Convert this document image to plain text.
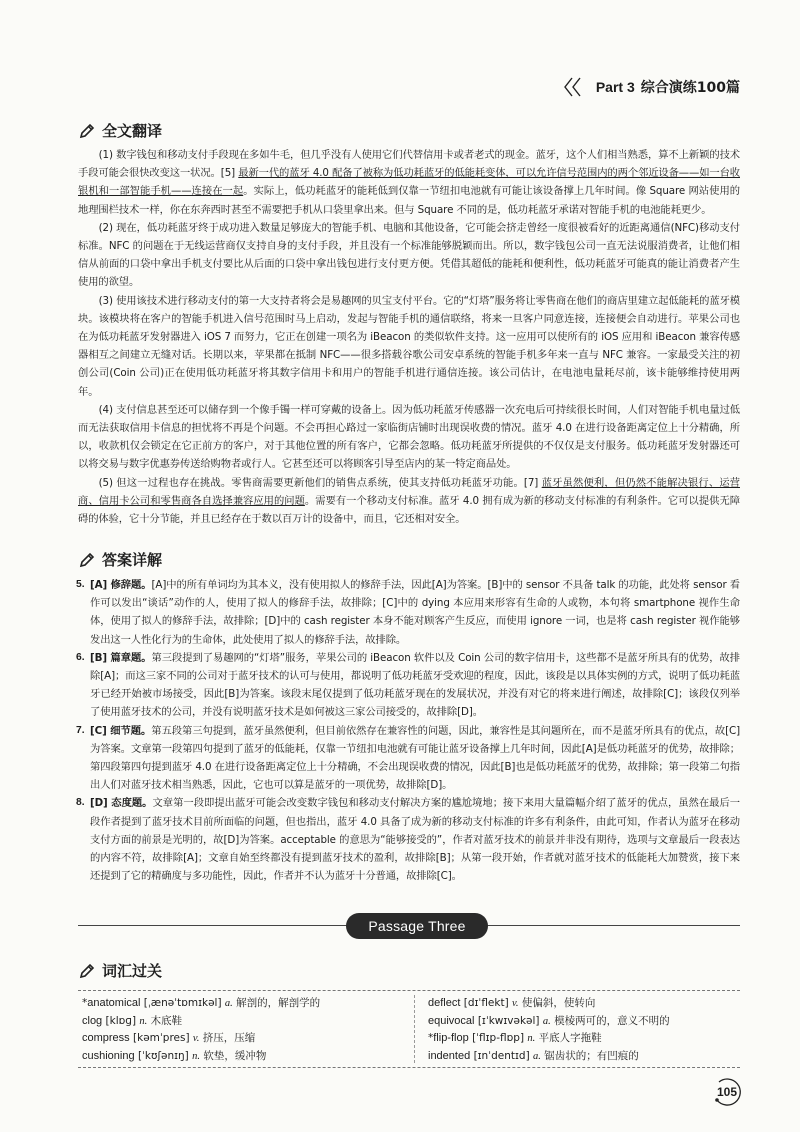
Part 3 综合演练100篇
全文翻译

(1) 数字钱包和移动支付手段现在多如牛毛，但几乎没有人使用它们代替信用卡或者老式的现金。蓝牙，这个人们相当熟悉，算不上新颖的技术手段可能会很快改变这一状况。[5] 最新一代的蓝牙 4.0 配备了被称为低功耗蓝牙的低能耗变体，可以允许信号范围内的两个邻近设备——如一台收银机和一部智能手机——连接在一起。实际上，低功耗蓝牙的能耗低到仅靠一节纽扣电池就有可能让该设备撑上几年时间。像 Square 网站使用的地理围栏技术一样，你在东奔西时甚至不需要把手机从口袋里拿出来。但与 Square 不同的是，低功耗蓝牙承诺对智能手机的电池能耗更少。

(2) 现在，低功耗蓝牙终于成功进入数量足够庞大的智能手机、电脑和其他设备，它可能会挤走曾经一度很被看好的近距离通信(NFC)移动支付标准。NFC 的问题在于无线运营商仅支持自身的支付手段，并且没有一个标准能够脱颖而出。所以，数字钱包公司一直无法说服消费者，让他们相信从前面的口袋中拿出手机支付要比从后面的口袋中拿出钱包进行支付更方便。凭借其超低的能耗和便利性，低功耗蓝牙可能真的能让消费者产生使用的欲望。

(3) 使用该技术进行移动支付的第一大支持者将会是易趣网的贝宝支付平台。它的“灯塔”服务将让零售商在他们的商店里建立起低能耗的蓝牙模块。该模块将在客户的智能手机进入信号范围时马上启动，发起与智能手机的通信联络，将来一旦客户同意连接，连接便会自动进行。苹果公司也在为低功耗蓝牙发射器进入 iOS 7 而努力，它正在创建一项名为 iBeacon 的类似软件支持。这一应用可以使所有的 iOS 应用和 iBeacon 兼容传感器相互之间建立无缝对话。长期以来，苹果都在抵制 NFC——很多搭载谷歌公司安卓系统的智能手机多年来一直与 NFC 兼容。一家最受关注的初创公司(Coin 公司)正在使用低功耗蓝牙将其数字信用卡和用户的智能手机进行通信连接。该公司估计，在电池电量耗尽前，该卡能够维持使用两年。

(4) 支付信息甚至还可以储存到一个像手镯一样可穿戴的设备上。因为低功耗蓝牙传感器一次充电后可持续很长时间，人们对智能手机电量过低而无法获取信用卡信息的担忧将不再是个问题。不会再担心路过一家临街店铺时出现误收费的情况。蓝牙 4.0 在进行设备距离定位上十分精确，所以，收款机仅会锁定在它正前方的客户，对于其他位置的所有客户，它都会忽略。低功耗蓝牙所提供的不仅仅是支付服务。低功耗蓝牙发射器还可以将交易与数字优惠券传送给购物者或行人。它甚至还可以将顾客引导至店内的某一特定商品处。

(5) 但这一过程也存在挑战。零售商需要更新他们的销售点系统，使其支持低功耗蓝牙功能。[7] 蓝牙虽然便利，但仍然不能解决银行、运营商、信用卡公司和零售商各自选择兼容应用的问题。需要有一个移动支付标准。蓝牙 4.0 拥有成为新的移动支付标准的有利条件。它可以提供无障碍的体验，它十分节能，并且已经存在于数以百万计的设备中，而且，它还相对安全。

答案详解
5. [A] 修辞题。[A]中的所有单词均为其本义，没有使用拟人的修辞手法，因此[A]为答案。[B]中的 sensor 不具备 talk 的功能，此处将 sensor 看作可以发出“谈话”动作的人，使用了拟人的修辞手法，故排除；[C]中的 dying 本应用来形容有生命的人或物，本句将 smartphone 视作生命体，使用了拟人的修辞手法，故排除；[D]中的 cash register 本身不能对顾客产生反应，而使用 ignore 一词，也是将 cash register 视作能够发出这一人性化行为的生命体，此处使用了拟人的修辞手法，故排除。
6. [B] 篇章题。第三段提到了易趣网的“灯塔”服务，苹果公司的 iBeacon 软件以及 Coin 公司的数字信用卡，这些都不是蓝牙所具有的优势，故排除[A]；而这三家不同的公司对于蓝牙技术的认可与使用，都说明了低功耗蓝牙受欢迎的程度，因此，该段是以具体实例的方式，说明了低功耗蓝牙已经开始被市场接受，因此[B]为答案。该段末尾仅提到了低功耗蓝牙现在的发展状况，并没有对它的将来进行阐述，故排除[C]；该段仅列举了使用蓝牙技术的公司，并没有说明蓝牙技术是如何被这三家公司接受的，故排除[D]。
7. [C] 细节题。第五段第三句提到，蓝牙虽然便利，但目前依然存在兼容性的问题，因此，兼容性是其问题所在，而不是蓝牙所具有的优点，故[C]为答案。文章第一段第四句提到了蓝牙的低能耗，仅靠一节纽扣电池就有可能让蓝牙设备撑上几年时间，因此[A]是低功耗蓝牙的优势，故排除；第四段第四句提到蓝牙 4.0 在进行设备距离定位上十分精确，不会出现误收费的情况，因此[B]也是低功耗蓝牙的优势，故排除；第一段第二句指出人们对蓝牙技术相当熟悉，因此，它也可以算是蓝牙的一项优势，故排除[D]。
8. [D] 态度题。文章第一段即提出蓝牙可能会改变数字钱包和移动支付解决方案的尴尬境地；接下来用大量篇幅介绍了蓝牙的优点，虽然在最后一段作者提到了蓝牙技术目前所面临的问题，但也指出，蓝牙 4.0 具备了成为新的移动支付标准的许多有利条件，由此可知，作者认为蓝牙在移动支付方面的前景是光明的，故[D]为答案。acceptable 的意思为“能够接受的”，作者对蓝牙技术的前景并非没有期待，选项与文章最后一段表达的内容不符，故排除[A]；文章自始至终都没有提到蓝牙技术的盈利，故排除[B]；从第一段开始，作者就对蓝牙技术的低能耗大加赞赏，接下来还提到了它的精确度与多功能性，因此，作者并不认为蓝牙十分普通，故排除[C]。
Passage Three
词汇过关
*anatomical [ˌænəˈtɒmɪkəl] a. 解剖的，解剖学的
clog [klɒɡ] n. 木底鞋
compress [kəmˈpres] v. 挤压，压缩
cushioning [ˈkʊʃənɪŋ] n. 软垫，缓冲物
deflect [dɪˈflekt] v. 使偏斜，使转向
equivocal [ɪˈkwɪvəkəl] a. 模棱两可的，意义不明的
*flip-flop [ˈflɪp-flɒp] n. 平底人字拖鞋
indented [ɪnˈdentɪd] a. 锯齿状的；有凹痕的
105
